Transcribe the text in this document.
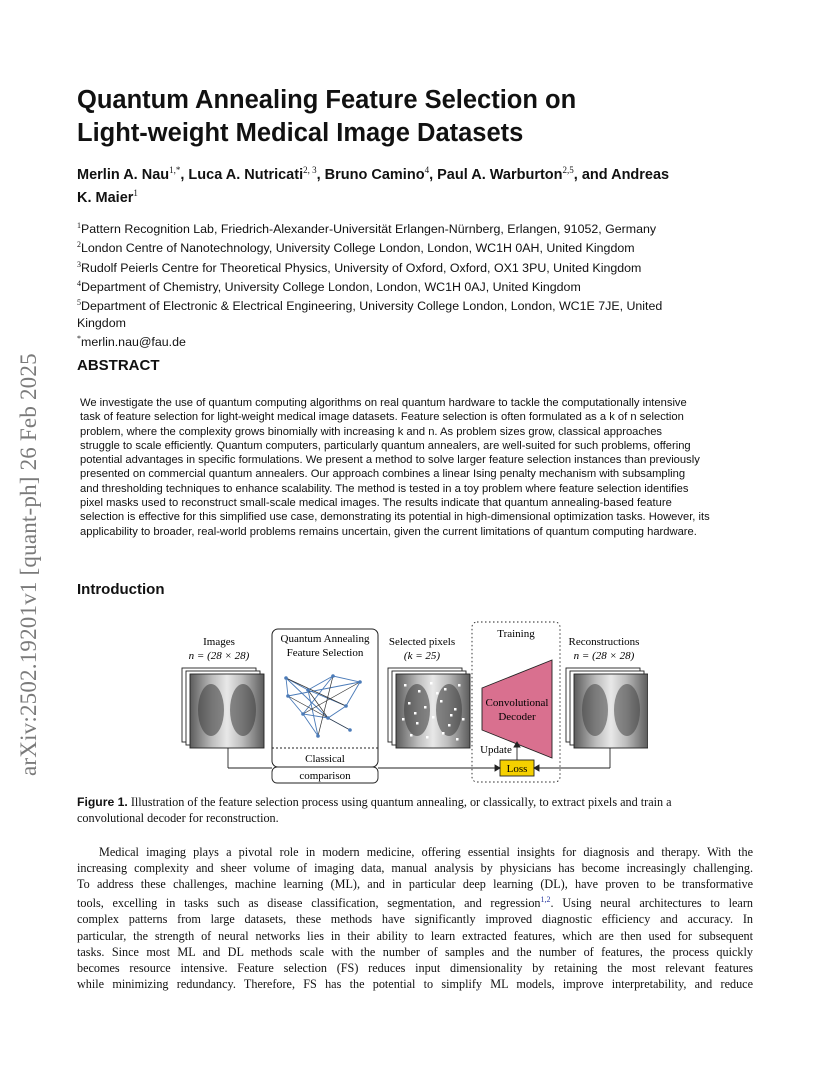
arXiv:2502.19201v1 [quant-ph] 26 Feb 2025
Quantum Annealing Feature Selection on
Light-weight Medical Image Datasets
Merlin A. Nau$^{1,*}$, Luca A. Nutricati$^{2, 3}$, Bruno Camino$^4$, Paul A. Warburton$^{2,5}$, and Andreas
K. Maier$^1$
$^1$Pattern Recognition Lab, Friedrich-Alexander-Universität Erlangen-Nürnberg, Erlangen, 91052, Germany
$^2$London Centre of Nanotechnology, University College London, London, WC1H 0AH, United Kingdom
$^3$Rudolf Peierls Centre for Theoretical Physics, University of Oxford, Oxford, OX1 3PU, United Kingdom
$^4$Department of Chemistry, University College London, London, WC1H 0AJ, United Kingdom
$^5$Department of Electronic & Electrical Engineering, University College London, London, WC1E 7JE, United
Kingdom
*merlin.nau@fau.de
ABSTRACT
We investigate the use of quantum computing algorithms on real quantum hardware to tackle the computationally intensive
task of feature selection for light-weight medical image datasets. Feature selection is often formulated as a k of n selection
problem, where the complexity grows binomially with increasing k and n. As problem sizes grow, classical approaches
struggle to scale efficiently. Quantum computers, particularly quantum annealers, are well-suited for such problems, offering
potential advantages in specific formulations. We present a method to solve larger feature selection instances than previously
presented on commercial quantum annealers. Our approach combines a linear Ising penalty mechanism with subsampling
and thresholding techniques to enhance scalability. The method is tested in a toy problem where feature selection identifies
pixel masks used to reconstruct small-scale medical images. The results indicate that quantum annealing-based feature
selection is effective for this simplified use case, demonstrating its potential in high-dimensional optimization tasks. However, its
applicability to broader, real-world problems remains uncertain, given the current limitations of quantum computing hardware.
Introduction
Images
n = (28 × 28)
Quantum Annealing
Feature Selection
Classical
comparison
Selected pixels
(k = 25)
Training
Convolutional
Decoder
Update
Loss
Reconstructions
n = (28 × 28)
Figure 1. Illustration of the feature selection process using quantum annealing, or classically, to extract pixels and train a
convolutional decoder for reconstruction.
Medical imaging plays a pivotal role in modern medicine, offering essential insights for diagnosis and therapy. With the
increasing complexity and sheer volume of imaging data, manual analysis by physicians has become increasingly challenging.
To address these challenges, machine learning (ML), and in particular deep learning (DL), have proven to be transformative
tools, excelling in tasks such as disease classification, segmentation, and regression$^{1,2}$. Using neural architectures to learn
complex patterns from large datasets, these methods have significantly improved diagnostic efficiency and accuracy. In
particular, the strength of neural networks lies in their ability to learn extracted features, which are then used for subsequent
tasks. Since most ML and DL methods scale with the number of samples and the number of features, the process quickly
becomes resource intensive. Feature selection (FS) reduces input dimensionality by retaining the most relevant features
while minimizing redundancy. Therefore, FS has the potential to simplify ML models, improve interpretability, and reduce
